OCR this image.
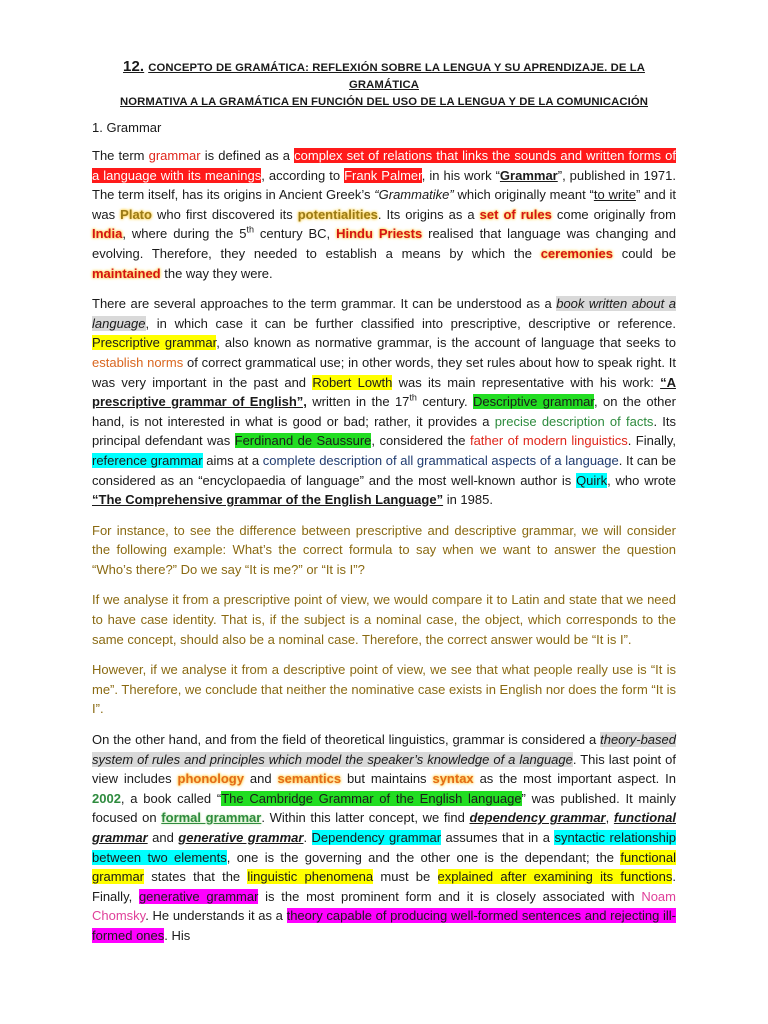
12. CONCEPTO DE GRAMÁTICA: REFLEXIÓN SOBRE LA LENGUA Y SU APRENDIZAJE. DE LA GRAMÁTICA
NORMATIVA A LA GRAMÁTICA EN FUNCIÓN DEL USO DE LA LENGUA Y DE LA COMUNICACIÓN
1. Grammar

The term grammar is defined as a complex set of relations that links the sounds and written forms of a language with its meanings, according to Frank Palmer, in his work “Grammar”, published in 1971. The term itself, has its origins in Ancient Greek’s “Grammatike” which originally meant “to write” and it was Plato who first discovered its potentialities. Its origins as a set of rules come originally from India, where during the 5th century BC, Hindu Priests realised that language was changing and evolving. Therefore, they needed to establish a means by which the ceremonies could be maintained the way they were.

There are several approaches to the term grammar. It can be understood as a book written about a language, in which case it can be further classified into prescriptive, descriptive or reference. Prescriptive grammar, also known as normative grammar, is the account of language that seeks to establish norms of correct grammatical use; in other words, they set rules about how to speak right. It was very important in the past and Robert Lowth was its main representative with his work: “A prescriptive grammar of English”, written in the 17th century. Descriptive grammar, on the other hand, is not interested in what is good or bad; rather, it provides a precise description of facts. Its principal defendant was Ferdinand de Saussure, considered the father of modern linguistics. Finally, reference grammar aims at a complete description of all grammatical aspects of a language. It can be considered as an “encyclopaedia of language” and the most well-known author is Quirk, who wrote “The Comprehensive grammar of the English Language” in 1985.

For instance, to see the difference between prescriptive and descriptive grammar, we will consider the following example: What’s the correct formula to say when we want to answer the question “Who’s there?” Do we say “It is me?” or “It is I”?

If we analyse it from a prescriptive point of view, we would compare it to Latin and state that we need to have case identity. That is, if the subject is a nominal case, the object, which corresponds to the same concept, should also be a nominal case. Therefore, the correct answer would be “It is I”.

However, if we analyse it from a descriptive point of view, we see that what people really use is “It is me”. Therefore, we conclude that neither the nominative case exists in English nor does the form “It is I”.

On the other hand, and from the field of theoretical linguistics, grammar is considered a theory-based system of rules and principles which model the speaker’s knowledge of a language. This last point of view includes phonology and semantics but maintains syntax as the most important aspect. In 2002, a book called “The Cambridge Grammar of the English language” was published. It mainly focused on formal grammar. Within this latter concept, we find dependency grammar, functional grammar and generative grammar. Dependency grammar assumes that in a syntactic relationship between two elements, one is the governing and the other one is the dependant; the functional grammar states that the linguistic phenomena must be explained after examining its functions. Finally, generative grammar is the most prominent form and it is closely associated with Noam Chomsky. He understands it as a theory capable of producing well-formed sentences and rejecting ill-formed ones. His
